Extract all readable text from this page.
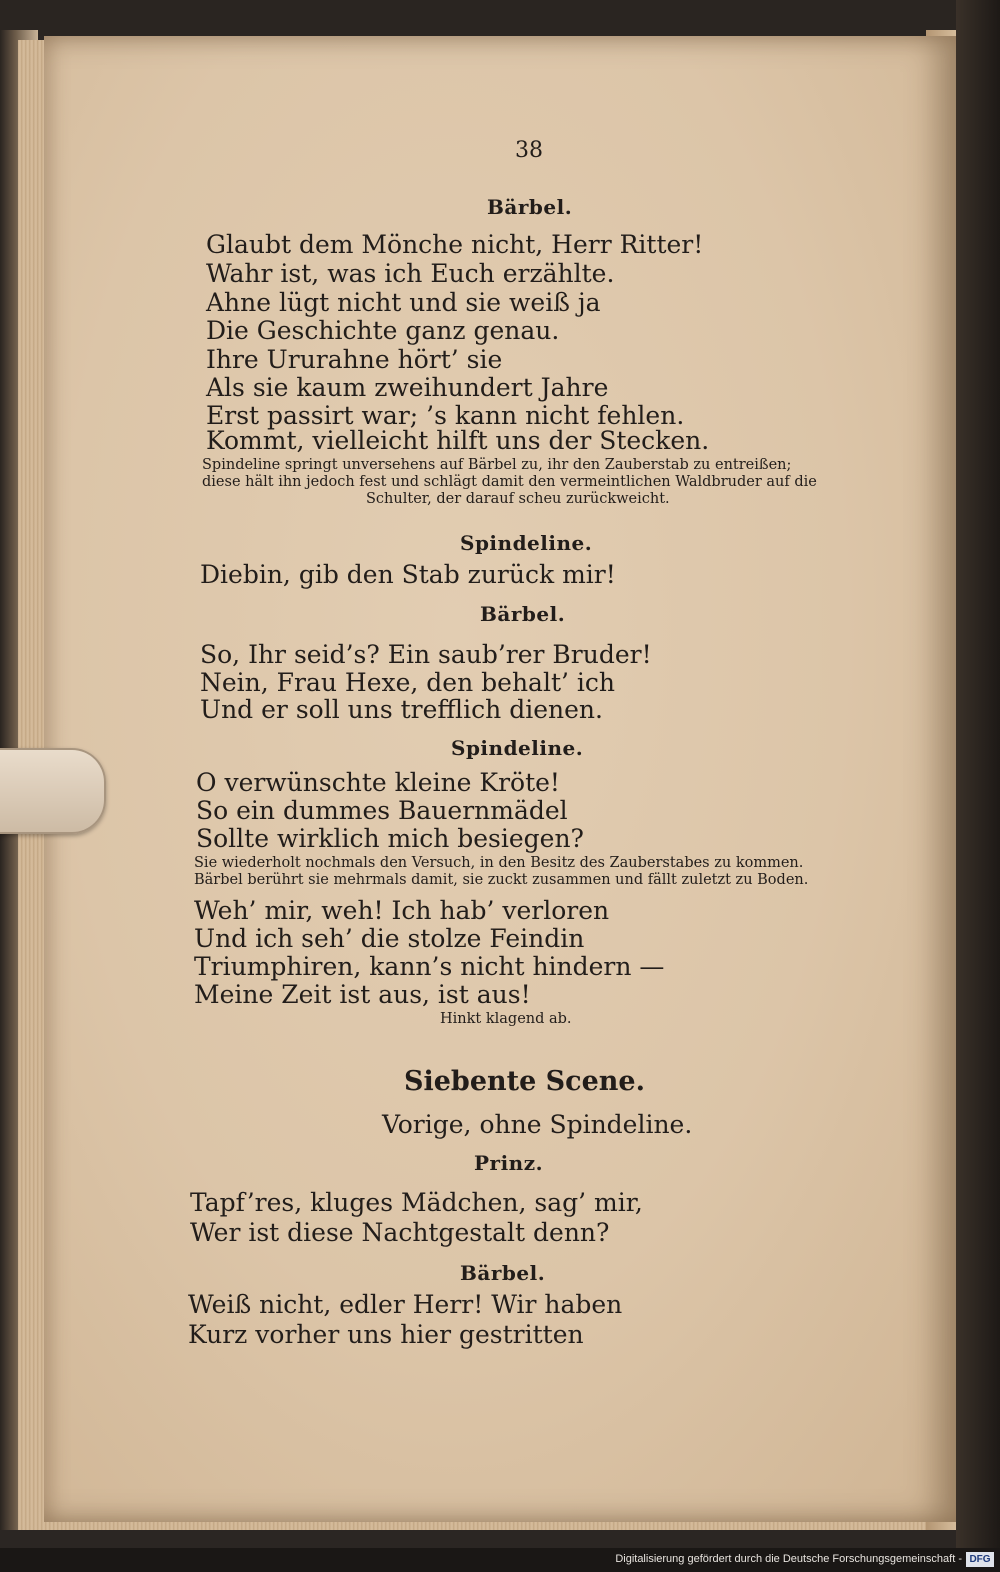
38
Bärbel.
Glaubt dem Mönche nicht, Herr Ritter!
Wahr ist, was ich Euch erzählte.
Ahne lügt nicht und sie weiß ja
Die Geschichte ganz genau.
Ihre Ururahne hört’ sie
Als sie kaum zweihundert Jahre
Erst passirt war; ’s kann nicht fehlen.
Kommt, vielleicht hilft uns der Stecken.
Spindeline springt unversehens auf Bärbel zu, ihr den Zauberstab zu entreißen;
diese hält ihn jedoch fest und schlägt damit den vermeintlichen Waldbruder auf die
Schulter, der darauf scheu zurückweicht.
Spindeline.
Diebin, gib den Stab zurück mir!
Bärbel.
So, Ihr seid’s? Ein saub’rer Bruder!
Nein, Frau Hexe, den behalt’ ich
Und er soll uns trefflich dienen.
Spindeline.
O verwünschte kleine Kröte!
So ein dummes Bauernmädel
Sollte wirklich mich besiegen?
Sie wiederholt nochmals den Versuch, in den Besitz des Zauberstabes zu kommen.
Bärbel berührt sie mehrmals damit, sie zuckt zusammen und fällt zuletzt zu Boden.
Weh’ mir, weh! Ich hab’ verloren
Und ich seh’ die stolze Feindin
Triumphiren, kann’s nicht hindern —
Meine Zeit ist aus, ist aus!
Hinkt klagend ab.
Siebente Scene.
Vorige, ohne Spindeline.
Prinz.
Tapf’res, kluges Mädchen, sag’ mir,
Wer ist diese Nachtgestalt denn?
Bärbel.
Weiß nicht, edler Herr! Wir haben
Kurz vorher uns hier gestritten
Digitalisierung gefördert durch die Deutsche Forschungsgemeinschaft - DFG
